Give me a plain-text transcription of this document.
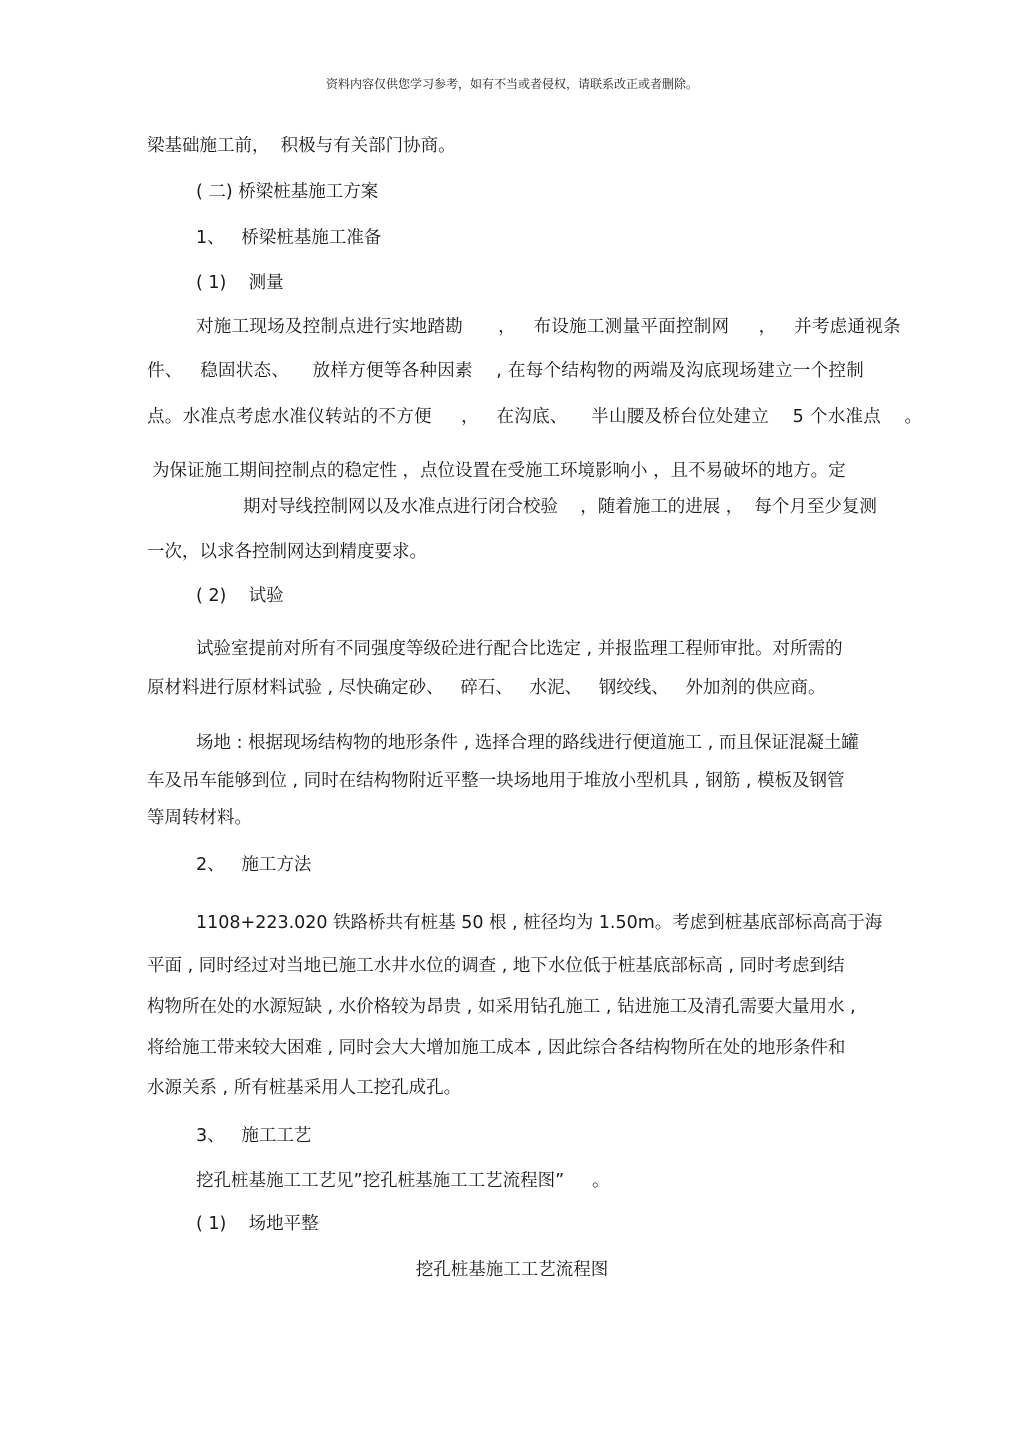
资料内容仅供您学习参考，如有不当或者侵权，请联系改正或者删除。
梁基础施工前，  积极与有关部门协商。
( 二) 桥梁桩基施工方案
1、   桥梁桩基施工准备
( 1)    测量
对施工现场及控制点进行实地踏勘      ，   布设施工测量平面控制网     ，   并考虑通视条
件、   稳固状态、    放样方便等各种因素    , 在每个结构物的两端及沟底现场建立一个控制
点。水准点考虑水准仪转站的不方便     ，   在沟底、    半山腰及桥台位处建立    5 个水准点    。
为保证施工期间控制点的稳定性 ，点位设置在受施工环境影响小 ，且不易破坏的地方。定
期对导线控制网以及水准点进行闭合校验    ，随着施工的进展 ，  每个月至少复测
一次，以求各控制网达到精度要求。
( 2)    试验
试验室提前对所有不同强度等级砼进行配合比选定 , 并报监理工程师审批。对所需的
原材料进行原材料试验 , 尽快确定砂、   碎石、   水泥、   钢绞线、   外加剂的供应商。
场地 : 根据现场结构物的地形条件 , 选择合理的路线进行便道施工 , 而且保证混凝土罐
车及吊车能够到位 , 同时在结构物附近平整一块场地用于堆放小型机具 , 钢筋 , 模板及钢管
等周转材料。
2、   施工方法
1108+223.020 铁路桥共有桩基 50 根 , 桩径均为 1.50m。考虑到桩基底部标高高于海
平面 , 同时经过对当地已施工水井水位的调查 , 地下水位低于桩基底部标高 , 同时考虑到结
构物所在处的水源短缺 , 水价格较为昂贵 , 如采用钻孔施工 , 钻进施工及清孔需要大量用水 ,
将给施工带来较大困难 , 同时会大大增加施工成本 , 因此综合各结构物所在处的地形条件和
水源关系 , 所有桩基采用人工挖孔成孔。
3、   施工工艺
挖孔桩基施工工艺见”挖孔桩基施工工艺流程图”     。
( 1)    场地平整
挖孔桩基施工工艺流程图
